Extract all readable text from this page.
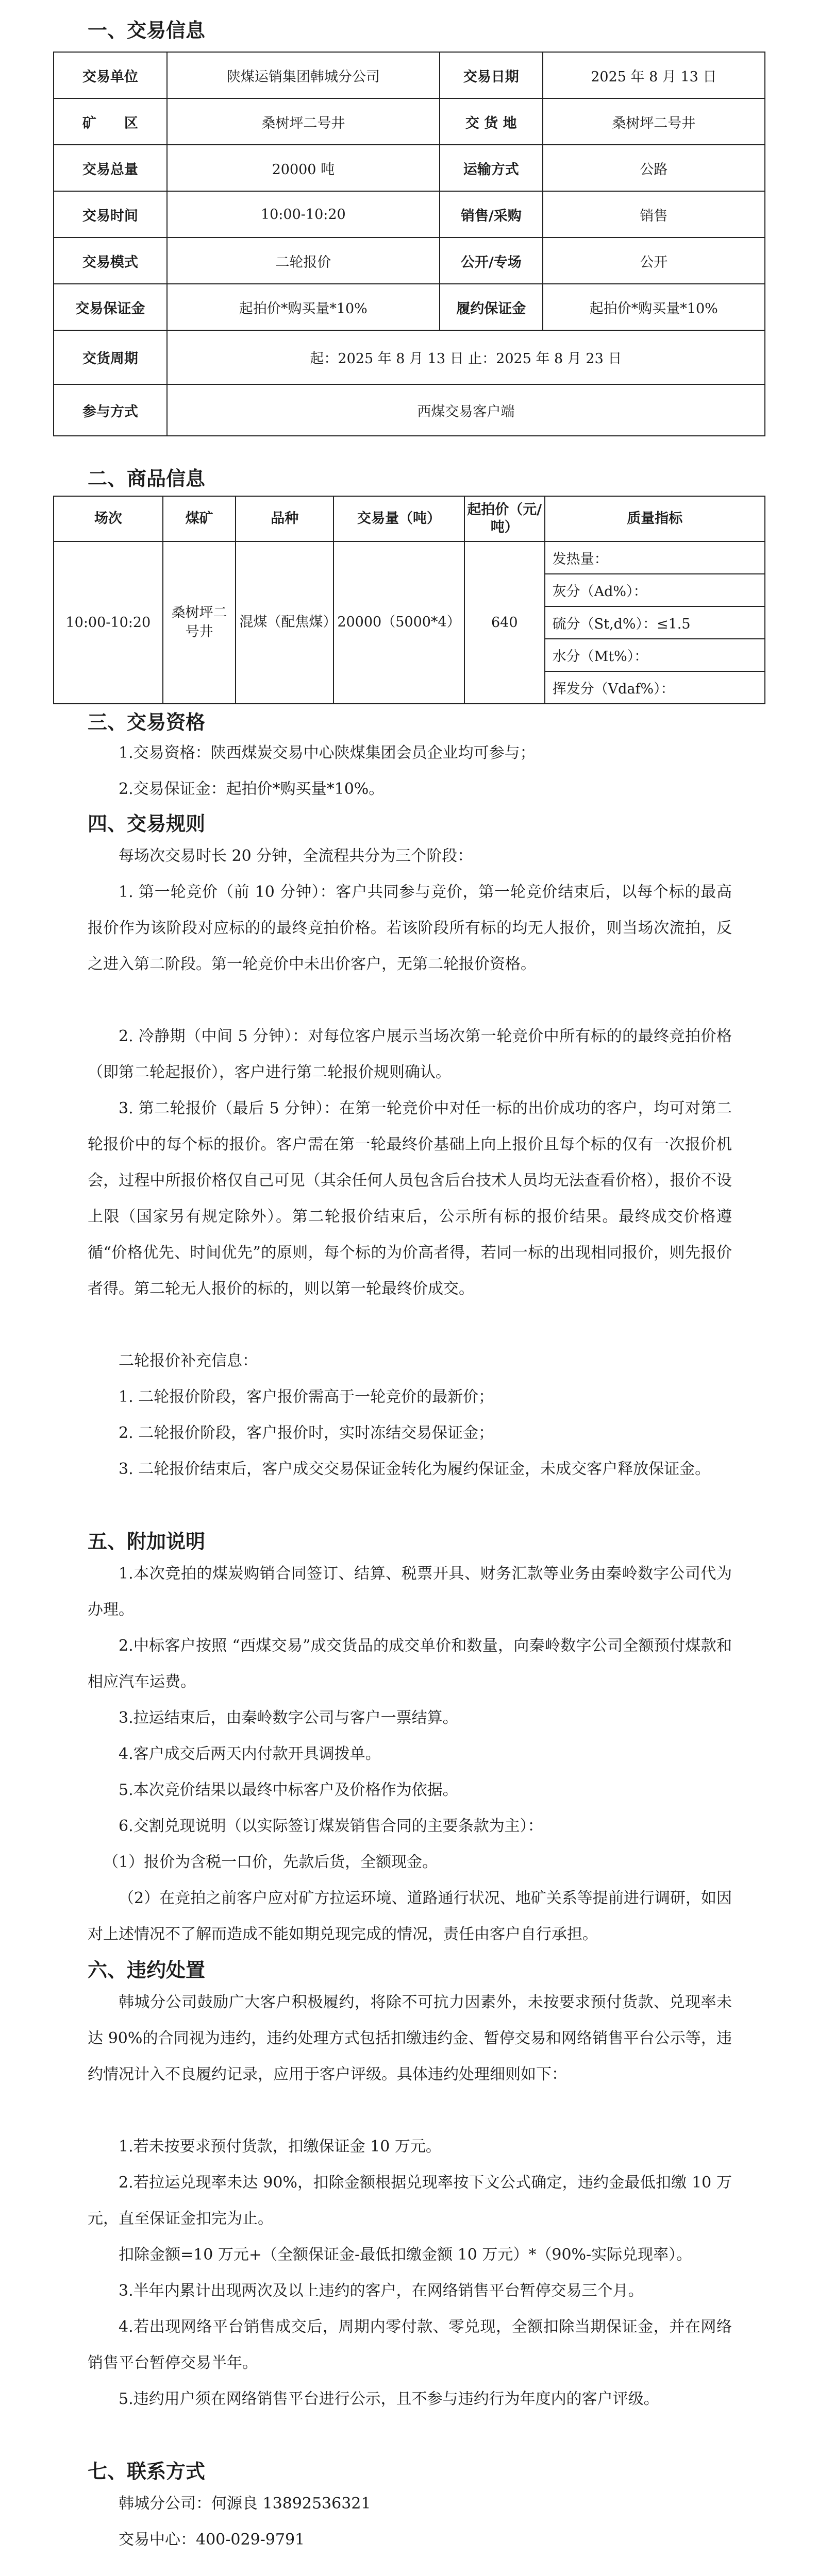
一、交易信息
交易单位	陕煤运销集团韩城分公司	交易日期	2025 年 8 月 13 日
矿　　区	桑树坪二号井	交 货 地	桑树坪二号井
交易总量	20000 吨	运输方式	公路
交易时间	10:00-10:20	销售/采购	销售
交易模式	二轮报价	公开/专场	公开
交易保证金	起拍价*购买量*10%	履约保证金	起拍价*购买量*10%
交货周期	起：2025 年 8 月 13 日 止：2025 年 8 月 23 日		
参与方式	西煤交易客户端		
二、商品信息
场次	煤矿	品种	交易量（吨）	起拍价（元/吨）	质量指标
10:00-10:20	桑树坪二号井	混煤（配焦煤）	20000（5000*4）	640	发热量：
					灰分（Ad%）：
					硫分（St,d%）：≤1.5
					水分（Mt%）：
					挥发分（Vdaf%）：
三、交易资格

1.交易资格：陕西煤炭交易中心陕煤集团会员企业均可参与；

2.交易保证金：起拍价*购买量*10%。

四、交易规则

每场次交易时长 20 分钟，全流程共分为三个阶段：

1. 第一轮竞价（前 10 分钟）：客户共同参与竞价，第一轮竞价结束后，以每个标的最高报价作为该阶段对应标的的最终竞拍价格。若该阶段所有标的均无人报价，则当场次流拍，反之进入第二阶段。第一轮竞价中未出价客户，无第二轮报价资格。

2. 冷静期（中间 5 分钟）：对每位客户展示当场次第一轮竞价中所有标的的最终竞拍价格（即第二轮起报价），客户进行第二轮报价规则确认。

3. 第二轮报价（最后 5 分钟）：在第一轮竞价中对任一标的出价成功的客户，均可对第二轮报价中的每个标的报价。客户需在第一轮最终价基础上向上报价且每个标的仅有一次报价机会，过程中所报价格仅自己可见（其余任何人员包含后台技术人员均无法查看价格），报价不设上限（国家另有规定除外）。第二轮报价结束后，公示所有标的报价结果。最终成交价格遵循“价格优先、时间优先”的原则，每个标的为价高者得，若同一标的出现相同报价，则先报价者得。第二轮无人报价的标的，则以第一轮最终价成交。

二轮报价补充信息：

1. 二轮报价阶段，客户报价需高于一轮竞价的最新价；

2. 二轮报价阶段，客户报价时，实时冻结交易保证金；

3. 二轮报价结束后，客户成交交易保证金转化为履约保证金，未成交客户释放保证金。

五、附加说明

1.本次竞拍的煤炭购销合同签订、结算、税票开具、财务汇款等业务由秦岭数字公司代为办理。

2.中标客户按照 “西煤交易”成交货品的成交单价和数量，向秦岭数字公司全额预付煤款和相应汽车运费。

3.拉运结束后，由秦岭数字公司与客户一票结算。

4.客户成交后两天内付款开具调拨单。

5.本次竞价结果以最终中标客户及价格作为依据。

6.交割兑现说明（以实际签订煤炭销售合同的主要条款为主）：

（1）报价为含税一口价，先款后货，全额现金。

（2）在竞拍之前客户应对矿方拉运环境、道路通行状况、地矿关系等提前进行调研，如因对上述情况不了解而造成不能如期兑现完成的情况，责任由客户自行承担。

六、违约处置

韩城分公司鼓励广大客户积极履约，将除不可抗力因素外，未按要求预付货款、兑现率未达 90%的合同视为违约，违约处理方式包括扣缴违约金、暂停交易和网络销售平台公示等，违约情况计入不良履约记录，应用于客户评级。具体违约处理细则如下：

1.若未按要求预付货款，扣缴保证金 10 万元。

2.若拉运兑现率未达 90%，扣除金额根据兑现率按下文公式确定，违约金最低扣缴 10 万元，直至保证金扣完为止。

扣除金额=10 万元+（全额保证金-最低扣缴金额 10 万元）*（90%-实际兑现率）。

3.半年内累计出现两次及以上违约的客户，在网络销售平台暂停交易三个月。

4.若出现网络平台销售成交后，周期内零付款、零兑现，全额扣除当期保证金，并在网络销售平台暂停交易半年。

5.违约用户须在网络销售平台进行公示，且不参与违约行为年度内的客户评级。

七、联系方式

韩城分公司：何源良 13892536321

交易中心：400-029-9791
